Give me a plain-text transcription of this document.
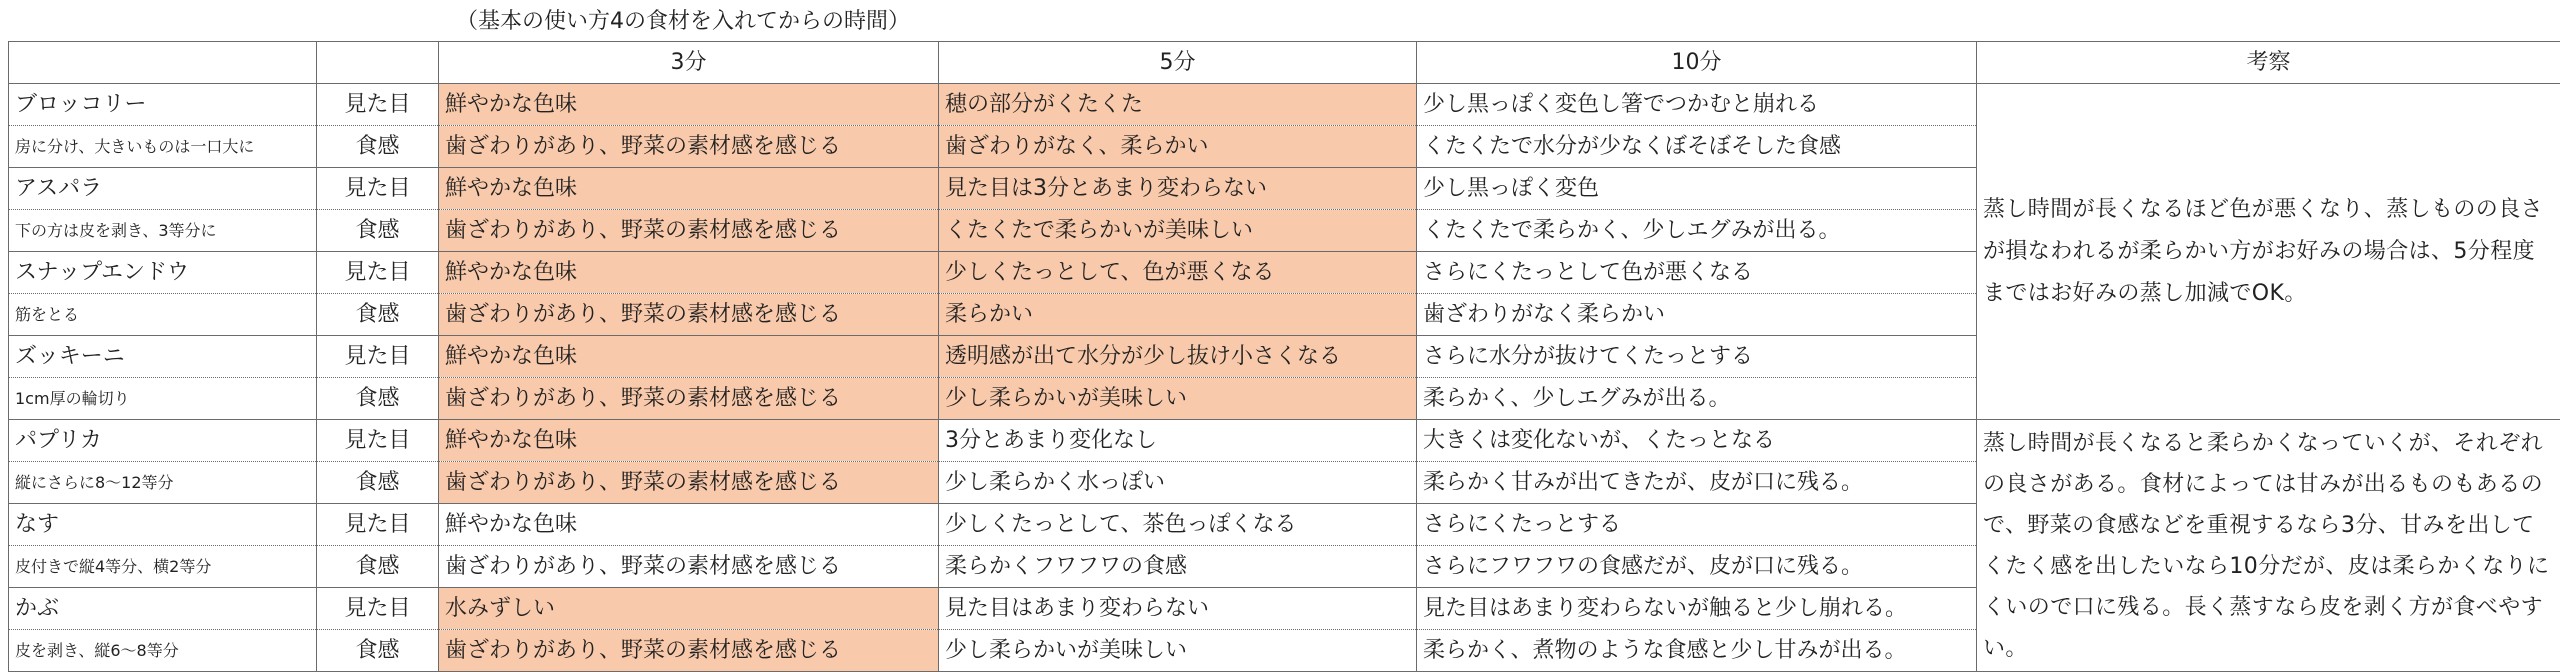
（基本の使い方4の食材を入れてからの時間）
		3分	5分	10分	考察
ブロッコリー	見た目	鮮やかな色味	穂の部分がくたくた	少し黒っぽく変色し箸でつかむと崩れる	蒸し時間が長くなるほど色が悪くなり、蒸しものの良さが損なわれるが柔らかい方がお好みの場合は、5分程度まではお好みの蒸し加減でOK。
房に分け、大きいものは一口大に	食感	歯ざわりがあり、野菜の素材感を感じる	歯ざわりがなく、柔らかい	くたくたで水分が少なくぼそぼそした食感	
アスパラ	見た目	鮮やかな色味	見た目は3分とあまり変わらない	少し黒っぽく変色	
下の方は皮を剥き、3等分に	食感	歯ざわりがあり、野菜の素材感を感じる	くたくたで柔らかいが美味しい	くたくたで柔らかく、少しエグみが出る。	
スナップエンドウ	見た目	鮮やかな色味	少しくたっとして、色が悪くなる	さらにくたっとして色が悪くなる	
筋をとる	食感	歯ざわりがあり、野菜の素材感を感じる	柔らかい	歯ざわりがなく柔らかい	
ズッキーニ	見た目	鮮やかな色味	透明感が出て水分が少し抜け小さくなる	さらに水分が抜けてくたっとする	
1cm厚の輪切り	食感	歯ざわりがあり、野菜の素材感を感じる	少し柔らかいが美味しい	柔らかく、少しエグみが出る。	
パプリカ	見た目	鮮やかな色味	3分とあまり変化なし	大きくは変化ないが、くたっとなる	蒸し時間が長くなると柔らかくなっていくが、それぞれの良さがある。食材によっては甘みが出るものもあるので、野菜の食感などを重視するなら3分、甘みを出してくたく感を出したいなら10分だが、皮は柔らかくなりにくいので口に残る。長く蒸すなら皮を剥く方が食べやすい。
縦にさらに8〜12等分	食感	歯ざわりがあり、野菜の素材感を感じる	少し柔らかく水っぽい	柔らかく甘みが出てきたが、皮が口に残る。	
なす	見た目	鮮やかな色味	少しくたっとして、茶色っぽくなる	さらにくたっとする	
皮付きで縦4等分、横2等分	食感	歯ざわりがあり、野菜の素材感を感じる	柔らかくフワフワの食感	さらにフワフワの食感だが、皮が口に残る。	
かぶ	見た目	水みずしい	見た目はあまり変わらない	見た目はあまり変わらないが触ると少し崩れる。	
皮を剥き、縦6〜8等分	食感	歯ざわりがあり、野菜の素材感を感じる	少し柔らかいが美味しい	柔らかく、煮物のような食感と少し甘みが出る。	
